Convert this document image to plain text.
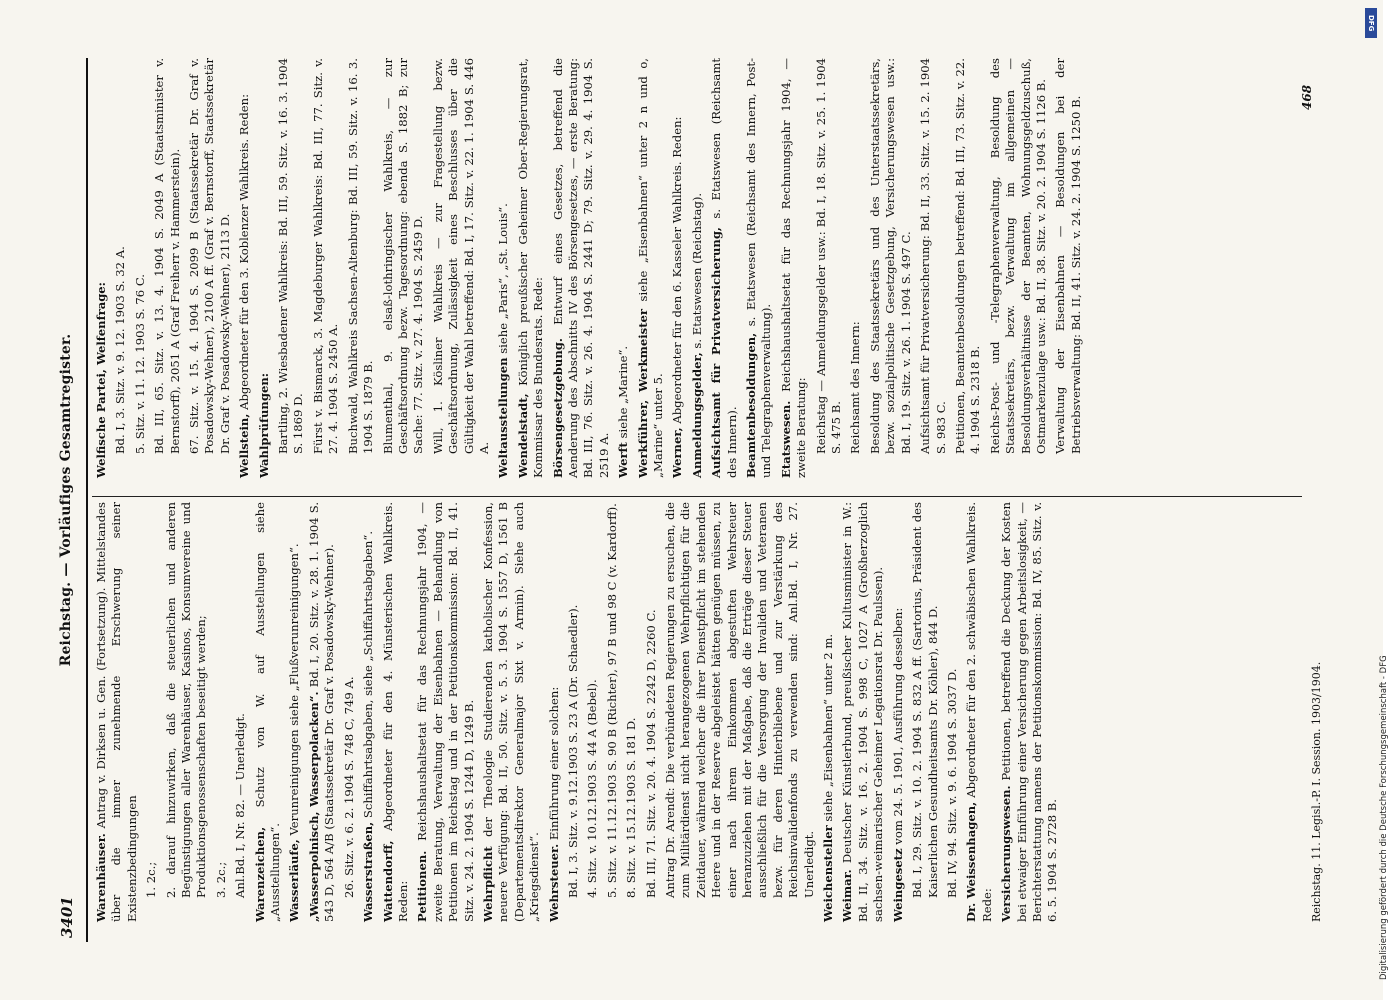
3401
Reichstag. — Vorläufiges Gesamtregister.
Warenhäuser. Antrag v. Dirksen u. Gen. (Fortsetzung). Mittelstandes über die immer zunehmende Erschwerung seiner Existenzbedingungen 1. 2c.; 2. darauf hinzuwirken, daß die steuerlichen und anderen Begünstigungen aller Warenhäuser, Kasinos, Konsumvereine und Produktionsgenossenschaften beseitigt werden; 3. 2c.; Anl.Bd. I, Nr. 82. — Unerledigt. Warenzeichen, Schutz von W. auf Ausstellungen siehe „Ausstellungen“. Wasserläufe, Verunreinigungen siehe „Flußverunreinigungen“. „Wasserpolnisch, Wasserpolacken“. Bd. I, 20. Sitz. v. 28. 1. 1904 S. 543 D, 564 A/B (Staatssekretär Dr. Graf v. Posadowsky-Wehner). 26. Sitz. v. 6. 2. 1904 S. 748 C, 749 A. Wasserstraßen, Schiffahrtsabgaben, siehe „Schiffahrtsabgaben“.
Wattendorff, Abgeordneter für den 4. Münsterischen Wahlkreis. Reden: Petitionen. Reichshaushaltsetat für das Rechnungsjahr 1904, — zweite Beratung, Verwaltung der Eisenbahnen — Behandlung von Petitionen im Reichstag und in der Petitionskommission: Bd. II, 41. Sitz. v. 24. 2. 1904 S. 1244 D, 1249 B. Wehrpflicht der Theologie Studierenden katholischer Konfession, neuere Verfügung: Bd. II, 50. Sitz. v. 5. 3. 1904 S. 1557 D, 1561 B (Departementsdirektor Generalmajor Sixt v. Armin). Siehe auch „Kriegsdienst“. Wehrsteuer. Einführung einer solchen: Bd. I, 3. Sitz. v. 9.12.1903 S. 23 A (Dr. Schaedler). 4. Sitz. v. 10.12.1903 S. 44 A (Bebel). 5. Sitz. v. 11.12.1903 S. 90 B (Richter), 97 B und 98 C (v. Kardorff). 8. Sitz. v. 15.12.1903 S. 181 D. Bd. III, 71. Sitz. v. 20. 4. 1904 S. 2242 D, 2260 C. Antrag Dr. Arendt: Die verbündeten Regierungen zu ersuchen, die zum Militärdienst nicht herangezogenen Wehrpflichtigen für die Zeitdauer, während welcher die ihrer Dienstpflicht im stehenden Heere und in der Reserve abgeleistet hätten genügen müssen, zu einer nach ihrem Einkommen abgestuften Wehrsteuer heranzuziehen mit der Maßgabe, daß die Erträge dieser Steuer ausschließlich für die Versorgung der Invaliden und Veteranen bezw. für deren Hinterbliebene und zur Verstärkung des Reichsinvalidenfonds zu verwenden sind: Anl.Bd. I, Nr. 27. Unerledigt. Weichensteller siehe „Eisenbahnen“ unter 2 m.
Weimar. Deutscher Künstlerbund, preußischer Kultusminister in W.: Bd. II, 34. Sitz. v. 16. 2. 1904 S. 998 C, 1027 A (Großherzoglich sachsen-weimarischer Geheimer Legationsrat Dr. Paulssen). Weingesetz vom 24. 5. 1901, Ausführung desselben: Bd. I, 29. Sitz. v. 10. 2. 1904 S. 832 A ff. (Sartorius, Präsident des Kaiserlichen Gesundheitsamts Dr. Köhler), 844 D. Bd. IV, 94. Sitz. v. 9. 6. 1904 S. 3037 D. Dr. Weissenhagen, Abgeordneter für den 2. schwäbischen Wahlkreis. Rede: Versicherungswesen. Petitionen, betreffend die Deckung der Kosten bei etwaiger Einführung einer Versicherung gegen Arbeitslosigkeit, — Berichterstattung namens der Petitionskommission: Bd. IV, 85. Sitz. v. 6. 5. 1904 S. 2728 B.
Welfische Partei, Welfenfrage: Bd. I, 3. Sitz. v. 9. 12. 1903 S. 32 A. 5. Sitz. v. 11. 12. 1903 S. 76 C. Bd. III, 65. Sitz. v. 13. 4. 1904 S. 2049 A (Staatsminister v. Bernstorff), 2051 A (Graf Freiherr v. Hammerstein). 67. Sitz. v. 15. 4. 1904 S. 2099 B (Staatssekretär Dr. Graf v. Posadowsky-Wehner), 2100 A ff. (Graf v. Bernstorff, Staatssekretär Dr. Graf v. Posadowsky-Wehner), 2113 D. Wellstein, Abgeordneter für den 3. Koblenzer Wahlkreis. Reden:
Wahlprüfungen: Bartling, 2. Wiesbadener Wahlkreis: Bd. III, 59. Sitz. v. 16. 3. 1904 S. 1869 D. Fürst v. Bismarck, 3. Magdeburger Wahlkreis: Bd. III, 77. Sitz. v. 27. 4. 1904 S. 2450 A. Buchwald, Wahlkreis Sachsen-Altenburg: Bd. III, 59. Sitz. v. 16. 3. 1904 S. 1879 B. Blumenthal, 9. elsaß-lothringischer Wahlkreis, — zur Geschäftsordnung bezw. Tagesordnung: ebenda S. 1882 B; zur Sache: 77. Sitz. v. 27. 4. 1904 S. 2459 D. Will, 1. Kösliner Wahlkreis — zur Fragestellung bezw. Geschäftsordnung, Zulässigkeit eines Beschlusses über die Gültigkeit der Wahl betreffend: Bd. I, 17. Sitz. v. 22. 1. 1904 S. 446 A. Weltausstellungen siehe „Paris“, „St. Louis“.
Wendelstadt, Königlich preußischer Geheimer Ober-Regierungsrat, Kommissar des Bundesrats. Rede: Börsengesetzgebung. Entwurf eines Gesetzes, betreffend die Aenderung des Abschnitts IV des Börsengesetzes, — erste Beratung: Bd. III, 76. Sitz. v. 26. 4. 1904 S. 2441 D; 79. Sitz. v. 29. 4. 1904 S. 2519 A. Werft siehe „Marine“. Werkführer, Werkmeister siehe „Eisenbahnen“ unter 2 n und o, „Marine“ unter 5. Werner, Abgeordneter für den 6. Kasseler Wahlkreis. Reden: Anmeldungsgelder, s. Etatswesen (Reichstag). Aufsichtsamt für Privatversicherung, s. Etatswesen (Reichsamt des Innern). Beamtenbesoldungen, s. Etatswesen (Reichsamt des Innern, Post- und Telegraphenverwaltung). Etatswesen. Reichshaushaltsetat für das Rechnungsjahr 1904, — zweite Beratung: Reichstag — Anmeldungsgelder usw.: Bd. I, 18. Sitz. v. 25. 1. 1904 S. 475 B. Reichsamt des Innern: Besoldung des Staatssekretärs und des Unterstaatssekretärs, bezw. sozialpolitische Gesetzgebung, Versicherungswesen usw.: Bd. I, 19. Sitz. v. 26. 1. 1904 S. 497 C. Aufsichtsamt für Privatversicherung: Bd. II, 33. Sitz. v. 15. 2. 1904 S. 983 C. Petitionen, Beamtenbesoldungen betreffend: Bd. III, 73. Sitz. v. 22. 4. 1904 S. 2318 B. Reichs-Post- und -Telegraphenverwaltung, Besoldung des Staatssekretärs, bezw. Verwaltung im allgemeinen — Besoldungsverhältnisse der Beamten, Wohnungsgeldzuschuß, Ostmarkenzulage usw.: Bd. II, 38. Sitz. v. 20. 2. 1904 S. 1126 B. Verwaltung der Eisenbahnen — Besoldungen bei der Betriebsverwaltung: Bd. II, 41. Sitz. v. 24. 2. 1904 S. 1250 B.
Reichstag. 11. Legisl.-P. I. Session. 1903/1904.
468
Digitalisierung gefördert durch die Deutsche Forschungsgemeinschaft - DFG
DFG
